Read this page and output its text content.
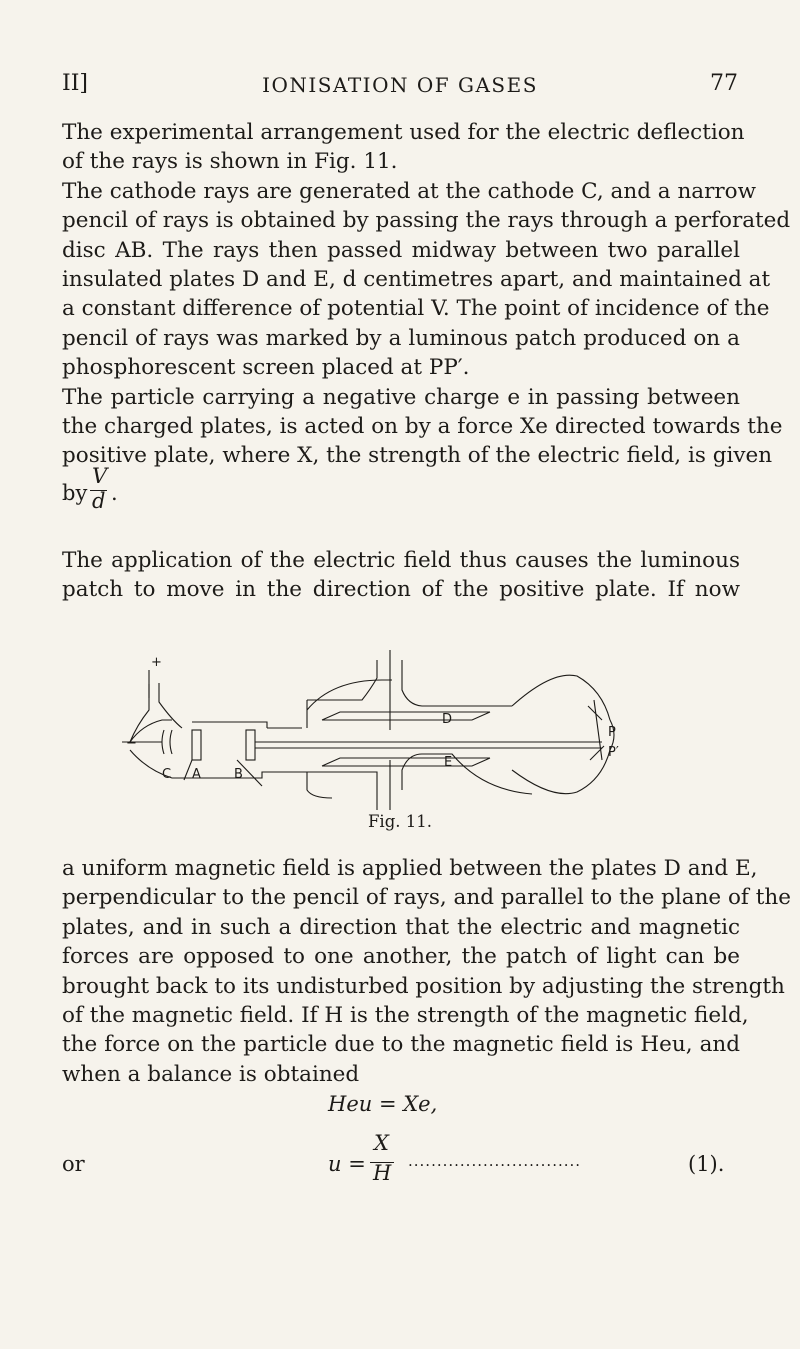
II]	IONISATION OF GASES	77
The experimental arrangement used for the electric deflection
of the rays is shown in Fig. 11.
The cathode rays are generated at the cathode C, and a narrow
pencil of rays is obtained by passing the rays through a perforated
disc AB. The rays then passed midway between two parallel
insulated plates D and E, d centimetres apart, and maintained at
a constant difference of potential V. The point of incidence of the
pencil of rays was marked by a luminous patch produced on a
phosphorescent screen placed at PP′.
The particle carrying a negative charge e in passing between
the charged plates, is acted on by a force Xe directed towards the
positive plate, where X, the strength of the electric field, is given
by
V
d .
The application of the electric field thus causes the luminous
patch to move in the direction of the positive plate. If now
+
−
C A	B
D
E
P
P′
Fig. 11.
a uniform magnetic field is applied between the plates D and E,
perpendicular to the pencil of rays, and parallel to the plane of the
plates, and in such a direction that the electric and magnetic
forces are opposed to one another, the patch of light can be
brought back to its undisturbed position by adjusting the strength
of the magnetic field. If H is the strength of the magnetic field,
the force on the particle due to the magnetic field is Heu, and
when a balance is obtained
Heu = Xe,
or	u =
X
H ..............................	(1).
